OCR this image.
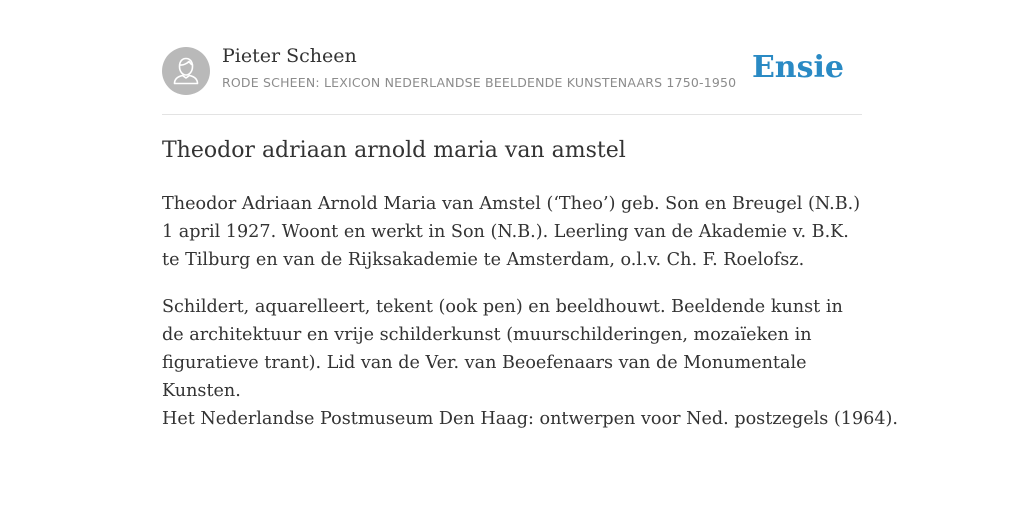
Pieter Scheen
RODE SCHEEN: LEXICON NEDERLANDSE BEELDENDE KUNSTENAARS 1750-1950 Ensie
Theodor adriaan arnold maria van amstel

Theodor Adriaan Arnold Maria van Amstel (‘Theo’) geb. Son en Breugel (N.B.) 1 april 1927. Woont en werkt in Son (N.B.). Leerling van de Akademie v. B.K. te Tilburg en van de Rijksakademie te Amsterdam, o.l.v. Ch. F. Roelofsz.

Schildert, aquarelleert, tekent (ook pen) en beeldhouwt. Beeldende kunst in de architektuur en vrije schilderkunst (muurschilderingen, mozaïeken in figuratieve trant). Lid van de Ver. van Beoefenaars van de Monumentale Kunsten.

Het Nederlandse Postmuseum Den Haag: ontwerpen voor Ned. postzegels (1964).
